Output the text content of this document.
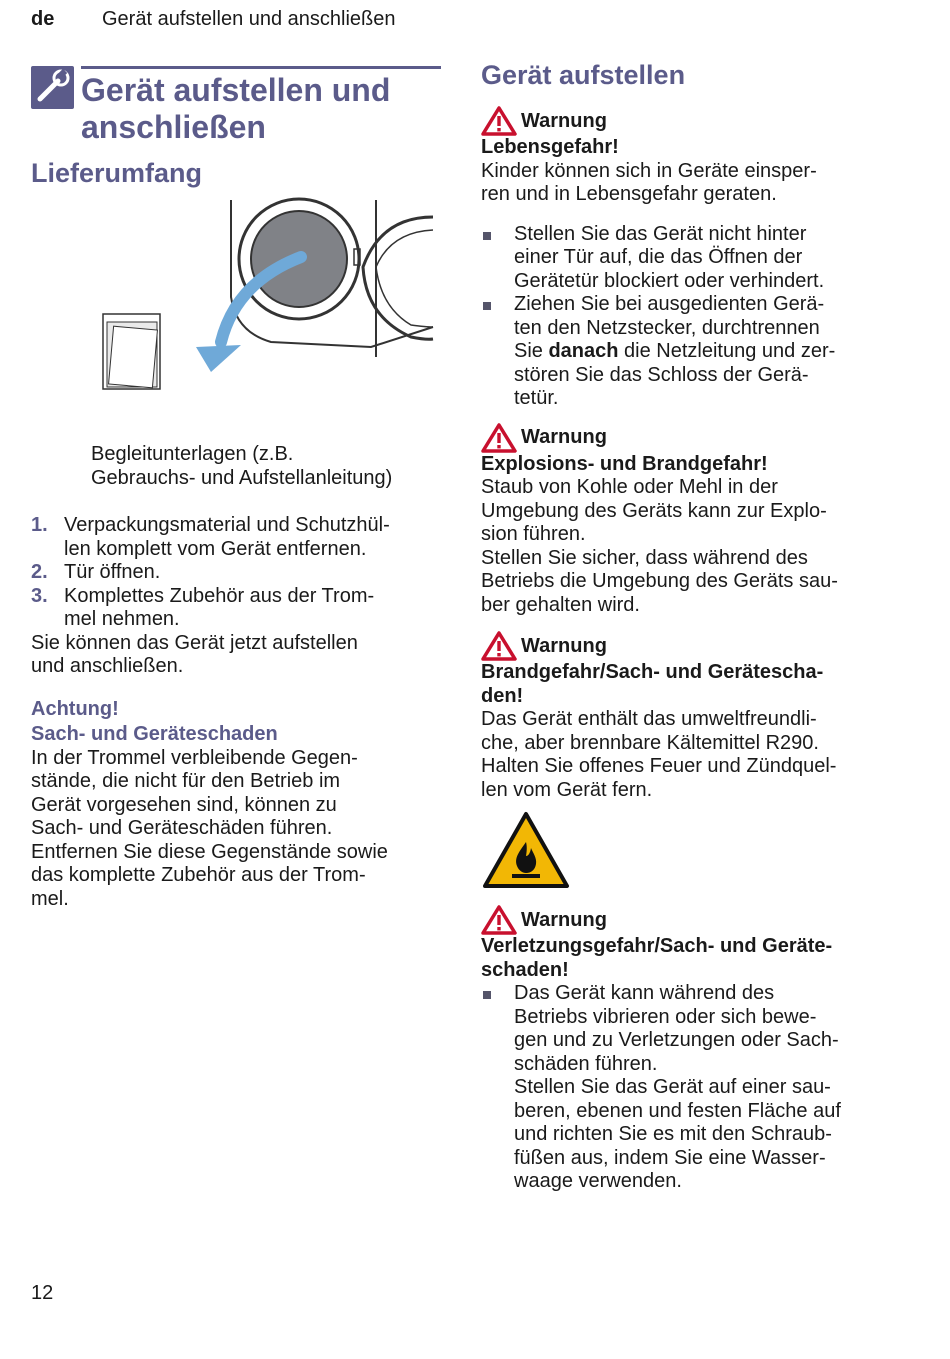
de Gerät aufstellen und anschließen
Gerät aufstellen und
anschließen
Lieferumfang
Begleitunterlagen (z.B.
Gebrauchs- und Aufstellanleitung)
1. Verpackungsmaterial und Schutzhül-
len komplett vom Gerät entfernen.
2. Tür öffnen.
3. Komplettes Zubehör aus der Trom-
mel nehmen.

Sie können das Gerät jetzt aufstellen
und anschließen.

Achtung!
Sach- und Geräteschaden

In der Trommel verbleibende Gegen-
stände, die nicht für den Betrieb im
Gerät vorgesehen sind, können zu
Sach- und Geräteschäden führen.
Entfernen Sie diese Gegenstände sowie
das komplette Zubehör aus der Trom-
mel.

Gerät aufstellen
Warnung
Lebensgefahr!
Kinder können sich in Geräte einsper-
ren und in Lebensgefahr geraten.
Stellen Sie das Gerät nicht hinter
einer Tür auf, die das Öffnen der
Gerätetür blockiert oder verhindert.
Ziehen Sie bei ausgedienten Gerä-
ten den Netzstecker, durchtrennen
Sie danach die Netzleitung und zer-
stören Sie das Schloss der Gerä-
tetür.
Warnung
Explosions- und Brandgefahr!
Staub von Kohle oder Mehl in der
Umgebung des Geräts kann zur Explo-
sion führen.
Stellen Sie sicher, dass während des
Betriebs die Umgebung des Geräts sau-
ber gehalten wird.
Warnung
Brandgefahr/Sach- und Geräteschа-
den!
Das Gerät enthält das umweltfreundli-
che, aber brennbare Kältemittel R290.
Halten Sie offenes Feuer und Zündquel-
len vom Gerät fern.
Warnung
Verletzungsgefahr/Sach- und Geräte-
schaden!
Das Gerät kann während des
Betriebs vibrieren oder sich bewe-
gen und zu Verletzungen oder Sach-
schäden führen.
Stellen Sie das Gerät auf einer sau-
beren, ebenen und festen Fläche auf
und richten Sie es mit den Schraub-
füßen aus, indem Sie eine Wasser-
waage verwenden.
12
